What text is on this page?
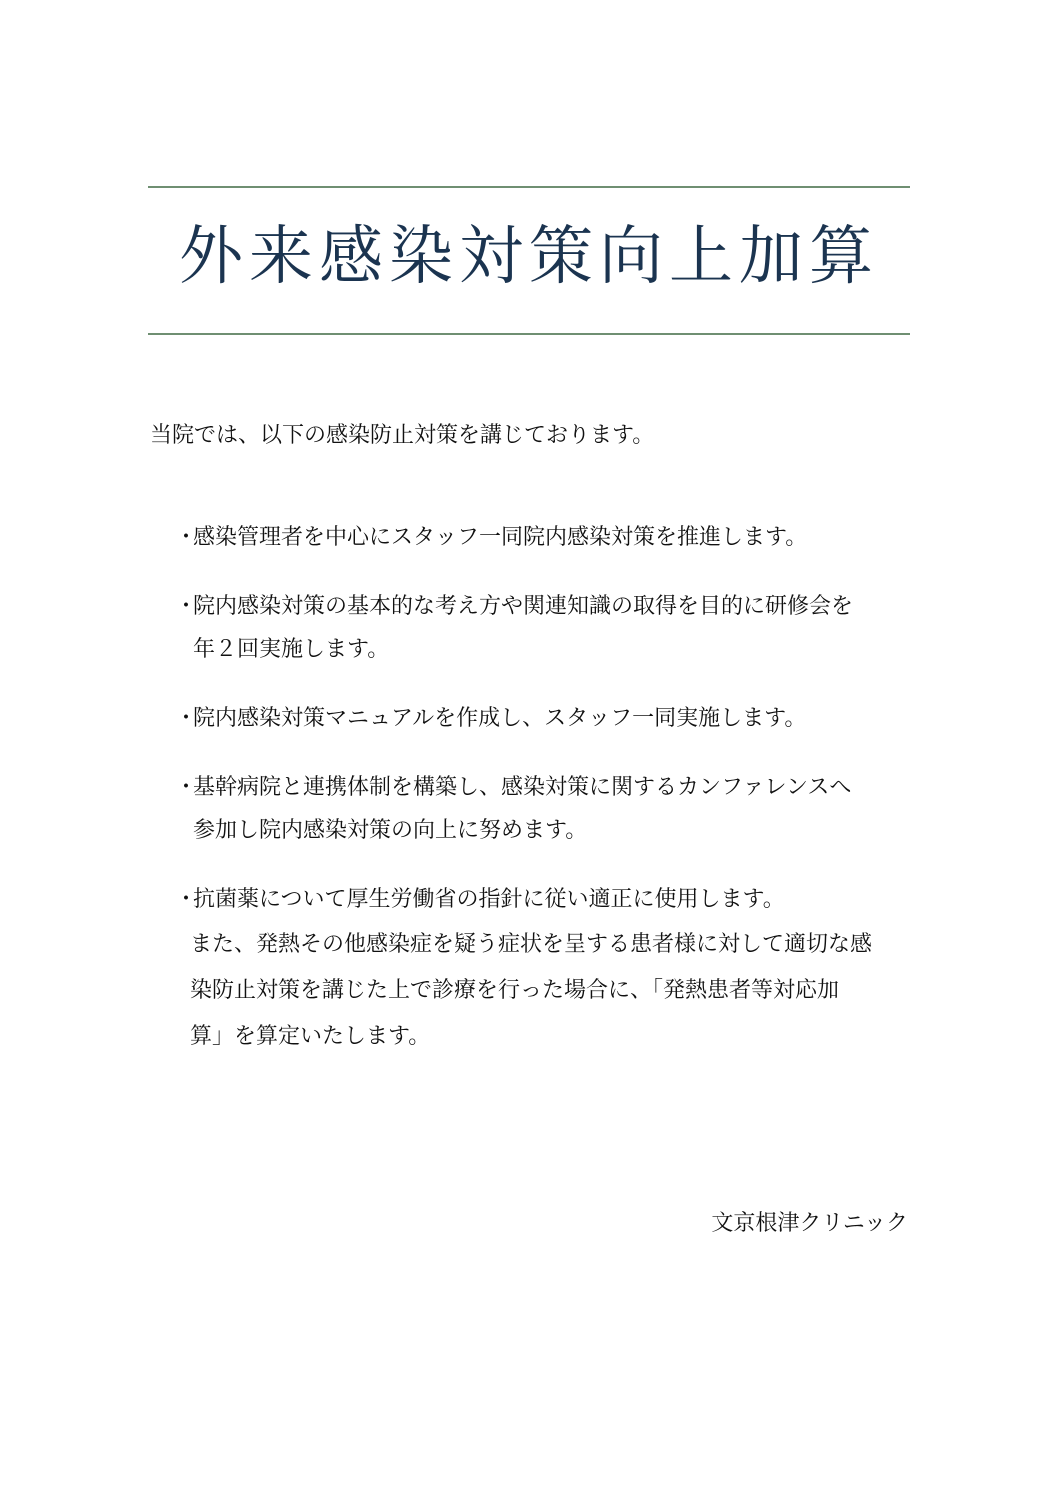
外来感染対策向上加算
当院では、以下の感染防止対策を講じております。
・
感染管理者を中心にスタッフ一同院内感染対策を推進します。
・
院内感染対策の基本的な考え方や関連知識の取得を目的に研修会を
年２回実施します。
・
院内感染対策マニュアルを作成し、スタッフ一同実施します。
・
基幹病院と連携体制を構築し、感染対策に関するカンファレンスへ
参加し院内感染対策の向上に努めます。
・
抗菌薬について厚生労働省の指針に従い適正に使用します。
また、発熱その他感染症を疑う症状を呈する患者様に対して適切な感
染防止対策を講じた上で診療を行った場合に、「発熱患者等対応加
算」を算定いたします。
文京根津クリニック
